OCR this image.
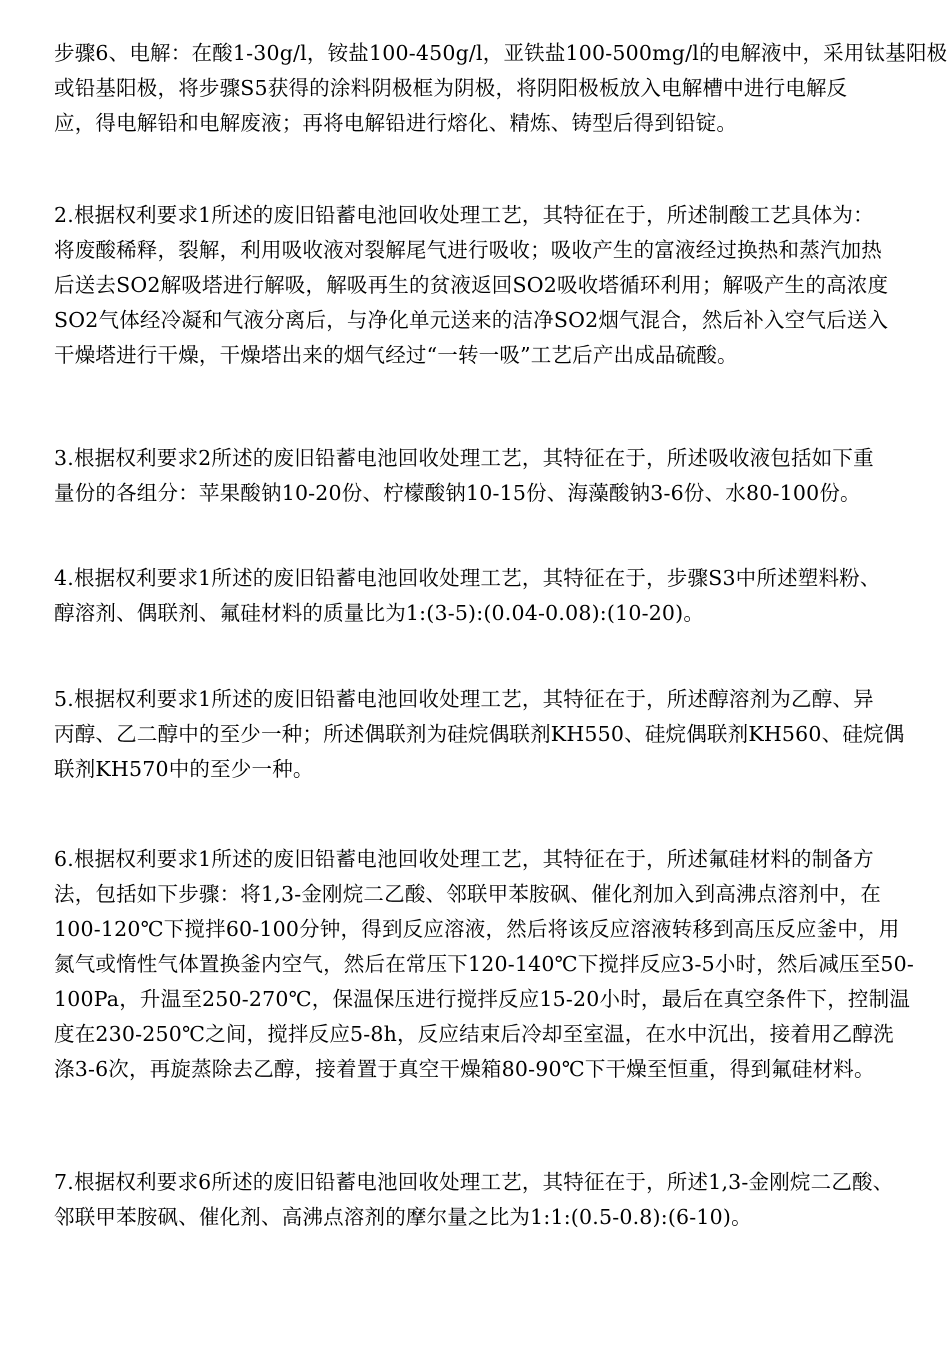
步骤6、电解：在酸1-30g/l，铵盐100-450g/l，亚铁盐100-500mg/l的电解液中，采用钛基阳极
或铅基阳极，将步骤S5获得的涂料阴极框为阴极，将阴阳极板放入电解槽中进行电解反
应，得电解铅和电解废液；再将电解铅进行熔化、精炼、铸型后得到铅锭。
2.根据权利要求1所述的废旧铅蓄电池回收处理工艺，其特征在于，所述制酸工艺具体为：
将废酸稀释，裂解，利用吸收液对裂解尾气进行吸收；吸收产生的富液经过换热和蒸汽加热
后送去SO2解吸塔进行解吸，解吸再生的贫液返回SO2吸收塔循环利用；解吸产生的高浓度
SO2气体经冷凝和气液分离后，与净化单元送来的洁净SO2烟气混合，然后补入空气后送入
干燥塔进行干燥，干燥塔出来的烟气经过“一转一吸”工艺后产出成品硫酸。
3.根据权利要求2所述的废旧铅蓄电池回收处理工艺，其特征在于，所述吸收液包括如下重
量份的各组分：苹果酸钠10-20份、柠檬酸钠10-15份、海藻酸钠3-6份、水80-100份。
4.根据权利要求1所述的废旧铅蓄电池回收处理工艺，其特征在于，步骤S3中所述塑料粉、
醇溶剂、偶联剂、氟硅材料的质量比为1:(3-5):(0.04-0.08):(10-20)。
5.根据权利要求1所述的废旧铅蓄电池回收处理工艺，其特征在于，所述醇溶剂为乙醇、异
丙醇、乙二醇中的至少一种；所述偶联剂为硅烷偶联剂KH550、硅烷偶联剂KH560、硅烷偶
联剂KH570中的至少一种。
6.根据权利要求1所述的废旧铅蓄电池回收处理工艺，其特征在于，所述氟硅材料的制备方
法，包括如下步骤：将1,3-金刚烷二乙酸、邻联甲苯胺砜、催化剂加入到高沸点溶剂中，在
100-120℃下搅拌60-100分钟，得到反应溶液，然后将该反应溶液转移到高压反应釜中，用
氮气或惰性气体置换釜内空气，然后在常压下120-140℃下搅拌反应3-5小时，然后减压至50-
100Pa，升温至250-270℃，保温保压进行搅拌反应15-20小时，最后在真空条件下，控制温
度在230-250℃之间，搅拌反应5-8h，反应结束后冷却至室温，在水中沉出，接着用乙醇洗
涤3-6次，再旋蒸除去乙醇，接着置于真空干燥箱80-90℃下干燥至恒重，得到氟硅材料。
7.根据权利要求6所述的废旧铅蓄电池回收处理工艺，其特征在于，所述1,3-金刚烷二乙酸、
邻联甲苯胺砜、催化剂、高沸点溶剂的摩尔量之比为1:1:(0.5-0.8):(6-10)。
